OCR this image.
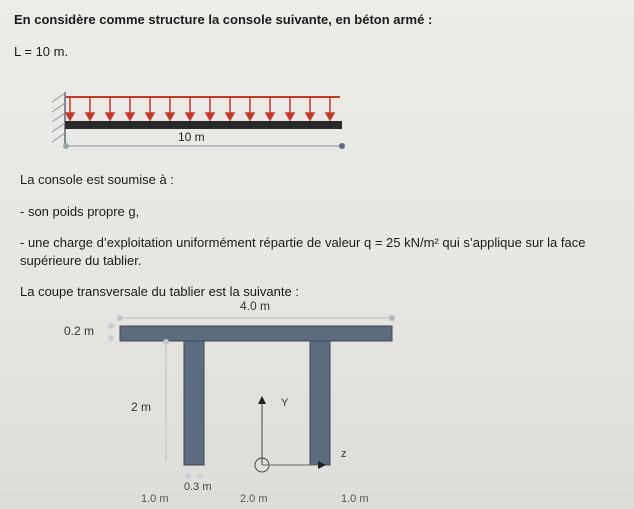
En considère comme structure la console suivante, en béton armé :
L = 10 m.
10 m
La console est soumise à :
- son poids propre g,
- une charge d’exploitation uniformément répartie de valeur q = 25 kN/m² qui s’applique sur la face supérieure du tablier.
La coupe transversale du tablier est la suivante :
4.0 m
0.2 m
2 m	Y
z
0.3 m
1.0 m	2.0 m	1.0 m
